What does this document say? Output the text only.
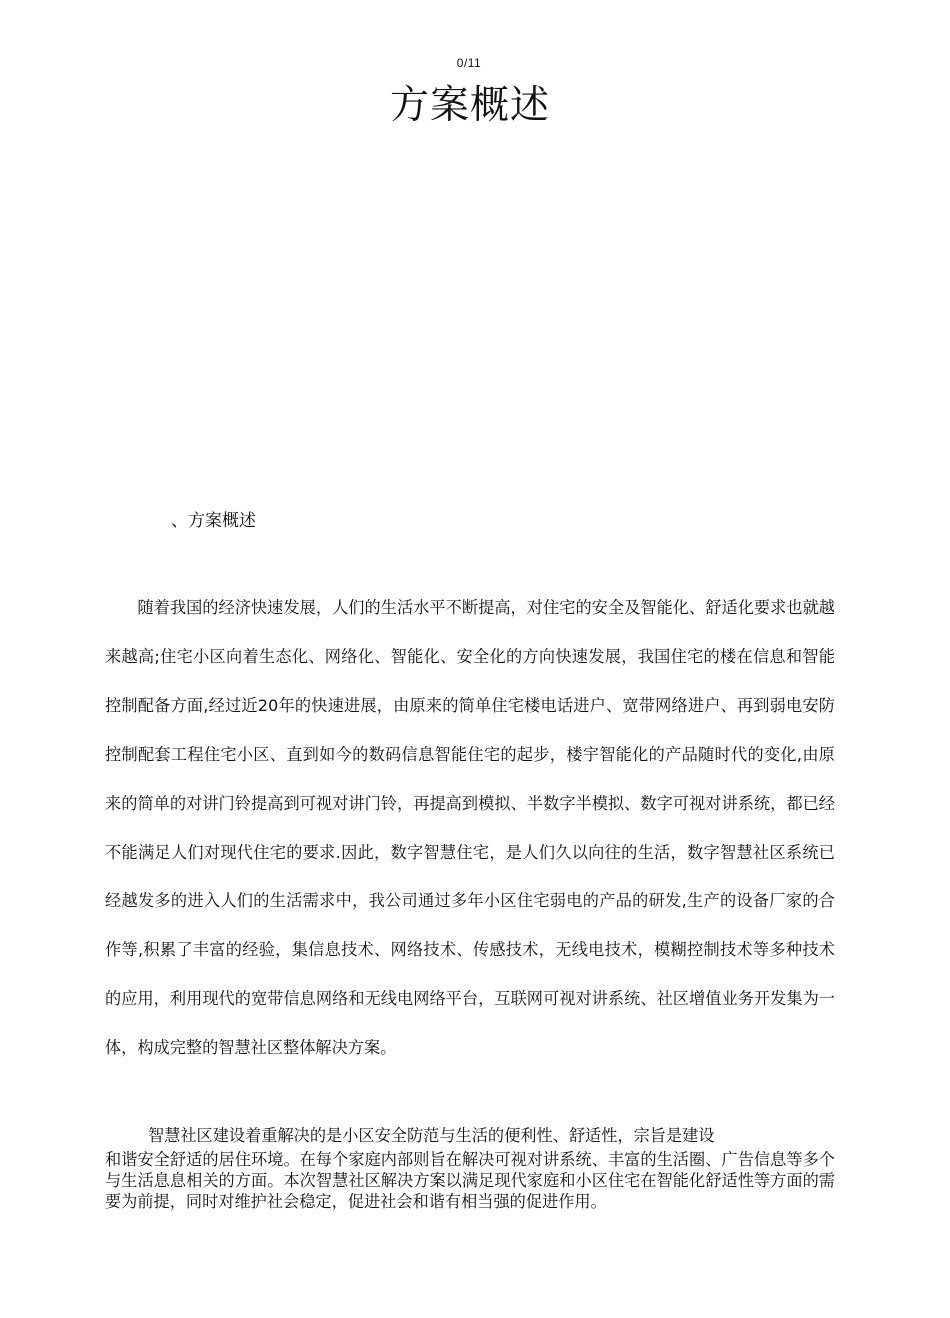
0/11
方案概述
、方案概述

随着我国的经济快速发展，人们的生活水平不断提高，对住宅的安全及智能化、舒适化要求也就越来越高;住宅小区向着生态化、网络化、智能化、安全化的方向快速发展，我国住宅的楼在信息和智能控制配备方面,经过近20年的快速进展，由原来的简单住宅楼电话进户、宽带网络进户、再到弱电安防控制配套工程住宅小区、直到如今的数码信息智能住宅的起步，楼宇智能化的产品随时代的变化,由原来的简单的对讲门铃提高到可视对讲门铃，再提高到模拟、半数字半模拟、数字可视对讲系统，都已经不能满足人们对现代住宅的要求.因此，数字智慧住宅，是人们久以向往的生活，数字智慧社区系统已经越发多的进入人们的生活需求中，我公司通过多年小区住宅弱电的产品的研发,生产的设备厂家的合作等,积累了丰富的经验，集信息技术、网络技术、传感技术，无线电技术，模糊控制技术等多种技术的应用，利用现代的宽带信息网络和无线电网络平台，互联网可视对讲系统、社区增值业务开发集为一体，构成完整的智慧社区整体解决方案。

智慧社区建设着重解决的是小区安全防范与生活的便利性、舒适性，宗旨是建设

和谐安全舒适的居住环境。在每个家庭内部则旨在解决可视对讲系统、丰富的生活圈、广告信息等多个与生活息息相关的方面。本次智慧社区解决方案以满足现代家庭和小区住宅在智能化舒适性等方面的需要为前提，同时对维护社会稳定，促进社会和谐有相当强的促进作用。
